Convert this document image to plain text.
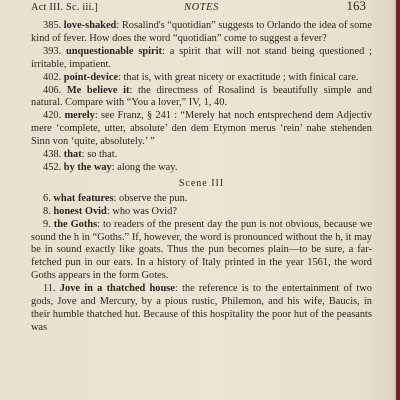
Act III. Sc. iii.]	NOTES	163

385. love-shaked: Rosalind's “quotidian” suggests to Orlando the idea of some kind of fever. How does the word “quotidian” come to suggest a fever?

393. unquestionable spirit: a spirit that will not stand being questioned ; irritable, impatient.

402. point-device: that is, with great nicety or exactitude ; with finical care.

406. Me believe it: the directness of Rosalind is beautifully simple and natural. Compare with “You a lover,” IV, 1, 40.

420. merely: see Franz, § 241 : “Merely hat noch entsprechend dem Adjectiv mere ‘complete, utter, absolute’ den dem Etymon merus ‘rein’ nahe stehenden Sinn von ‘quite, absolutely.’ ”

438. that: so that.

452. by the way: along the way.

Scene III

6. what features: observe the pun.

8. honest Ovid: who was Ovid?

9. the Goths: to readers of the present day the pun is not obvious, because we sound the h in “Goths.” If, however, the word is pronounced without the h, it may be in sound exactly like goats. Thus the pun becomes plain—to be sure, a far-fetched pun in our ears. In a history of Italy printed in the year 1561, the word Goths appears in the form Gotes.

11. Jove in a thatched house: the reference is to the entertainment of two gods, Jove and Mercury, by a pious rustic, Philemon, and his wife, Baucis, in their humble thatched hut. Because of this hospitality the poor hut of the peasants was
